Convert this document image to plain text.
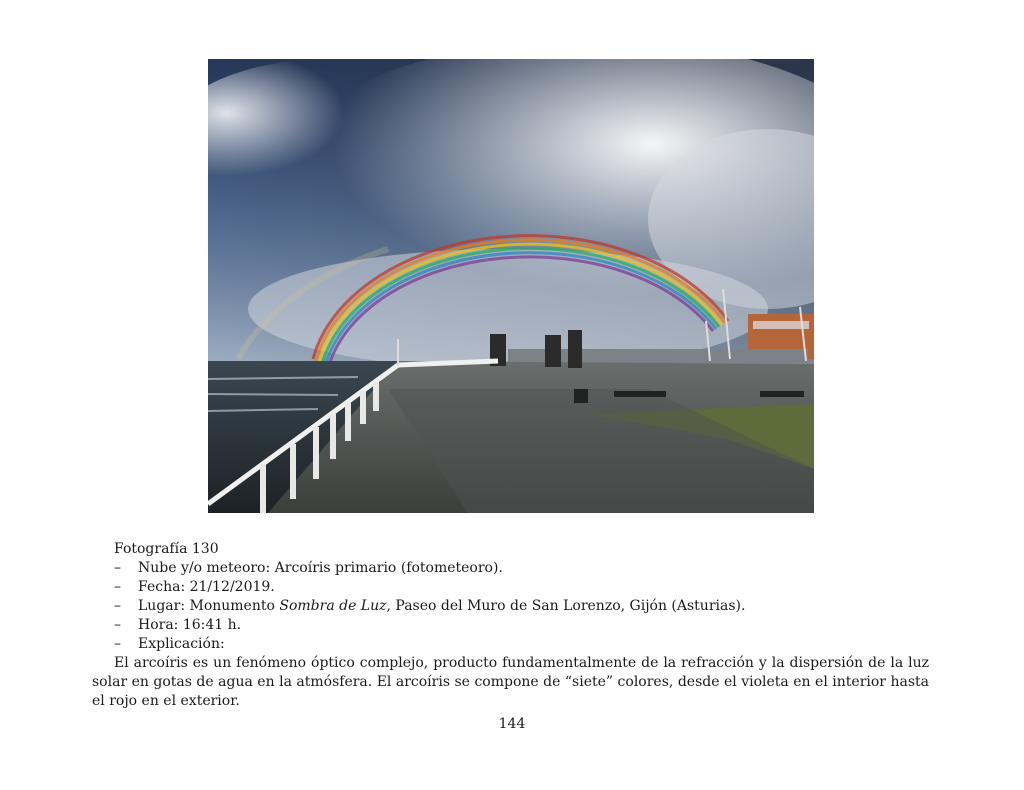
Fotografía 130
– Nube y/o meteoro: Arcoíris primario (fotometeoro).
– Fecha: 21/12/2019.
– Lugar: Monumento Sombra de Luz, Paseo del Muro de San Lorenzo, Gijón (Asturias).
– Hora: 16:41 h.
– Explicación:
El arcoíris es un fenómeno óptico complejo, producto fundamentalmente de la refracción y la dispersión de la luz solar en gotas de agua en la atmósfera. El arcoíris se compone de “siete” colores, desde el violeta en el interior hasta el rojo en el exterior.
144
